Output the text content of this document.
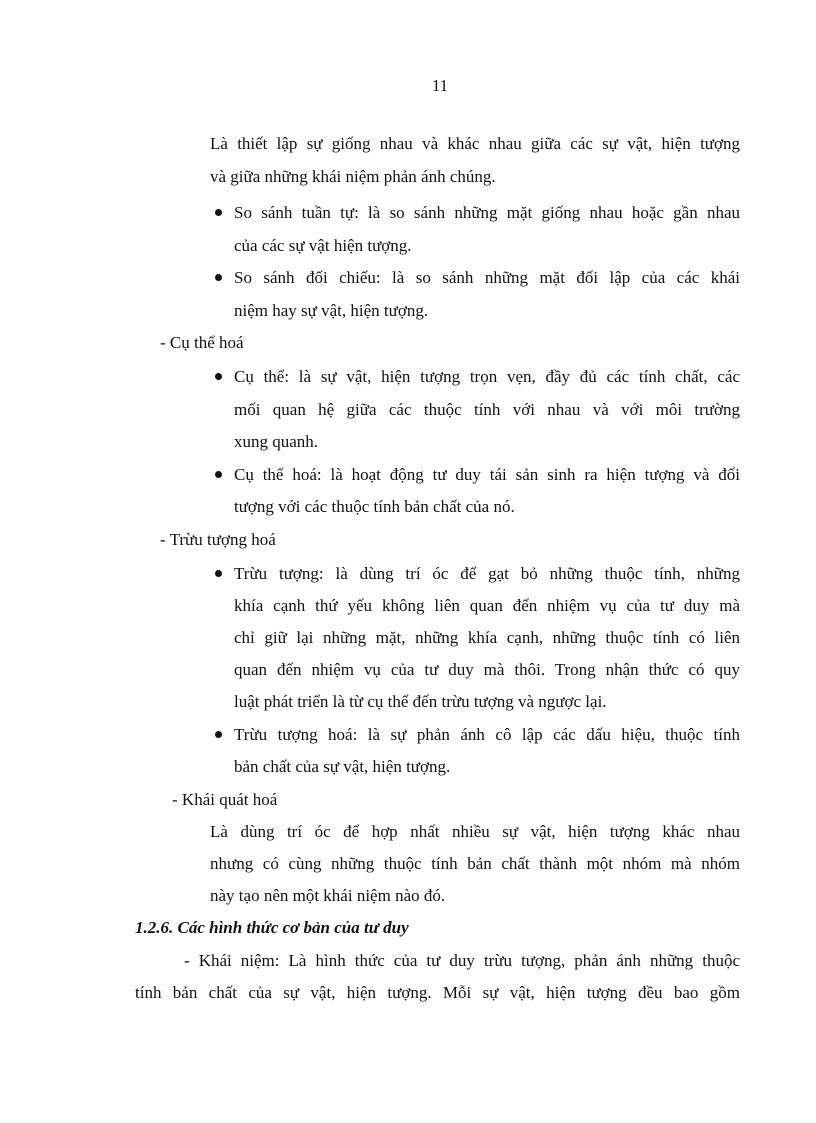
11
Là thiết lập sự giống nhau và khác nhau giữa các sự vật, hiện tượng
và giữa những khái niệm phản ánh chúng.
So sánh tuần tự: là so sánh những mặt giống nhau hoặc gần nhau
của các sự vật hiện tượng.
So sánh đối chiếu: là so sánh những mặt đối lập của các khái
niệm hay sự vật, hiện tượng.
- Cụ thể hoá
Cụ thể: là sự vật, hiện tượng trọn vẹn, đầy đủ các tính chất, các
mối quan hệ giữa các thuộc tính với nhau và với môi trường
xung quanh.
Cụ thể hoá: là hoạt động tư duy tái sản sinh ra hiện tượng và đối
tượng với các thuộc tính bản chất của nó.
- Trừu tượng hoá
Trừu tượng: là dùng trí óc để gạt bỏ những thuộc tính, những
khía cạnh thứ yếu không liên quan đến nhiệm vụ của tư duy mà
chỉ giữ lại những mặt, những khía cạnh, những thuộc tính có liên
quan đến nhiệm vụ của tư duy mà thôi. Trong nhận thức có quy
luật phát triển là từ cụ thể đến trừu tượng và ngược lại.
Trừu tượng hoá: là sự phản ánh cô lập các dấu hiệu, thuộc tính
bản chất của sự vật, hiện tượng.
- Khái quát hoá
Là dùng trí óc để hợp nhất nhiều sự vật, hiện tượng khác nhau
nhưng có cùng những thuộc tính bản chất thành một nhóm mà nhóm
này tạo nên một khái niệm nào đó.
1.2.6. Các hình thức cơ bản của tư duy
- Khái niệm: Là hình thức của tư duy trừu tượng, phản ánh những thuộc
tính bản chất của sự vật, hiện tượng. Mỗi sự vật, hiện tượng đều bao gồm
